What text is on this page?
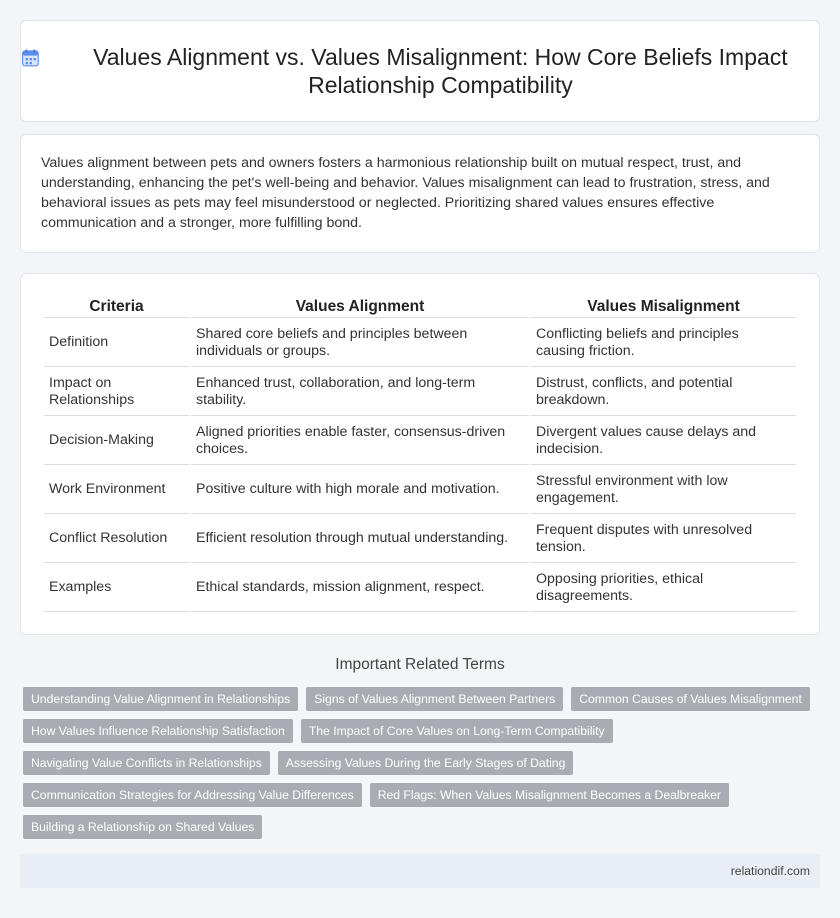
Values Alignment vs. Values Misalignment: How Core Beliefs Impact Relationship Compatibility

Values alignment between pets and owners fosters a harmonious relationship built on mutual respect, trust, and understanding, enhancing the pet's well-being and behavior. Values misalignment can lead to frustration, stress, and behavioral issues as pets may feel misunderstood or neglected. Prioritizing shared values ensures effective communication and a stronger, more fulfilling bond.

Criteria	Values Alignment	Values Misalignment
Definition	Shared core beliefs and principles between individuals or groups.	Conflicting beliefs and principles causing friction.
Impact on Relationships	Enhanced trust, collaboration, and long-term stability.	Distrust, conflicts, and potential breakdown.
Decision-Making	Aligned priorities enable faster, consensus-driven choices.	Divergent values cause delays and indecision.
Work Environment	Positive culture with high morale and motivation.	Stressful environment with low engagement.
Conflict Resolution	Efficient resolution through mutual understanding.	Frequent disputes with unresolved tension.
Examples	Ethical standards, mission alignment, respect.	Opposing priorities, ethical disagreements.
Important Related Terms
Understanding Value Alignment in Relationships	Signs of Values Alignment Between Partners	Common Causes of Values Misalignment
How Values Influence Relationship Satisfaction	The Impact of Core Values on Long-Term Compatibility
Navigating Value Conflicts in Relationships	Assessing Values During the Early Stages of Dating
Communication Strategies for Addressing Value Differences	Red Flags: When Values Misalignment Becomes a Dealbreaker
Building a Relationship on Shared Values
relationdif.com
